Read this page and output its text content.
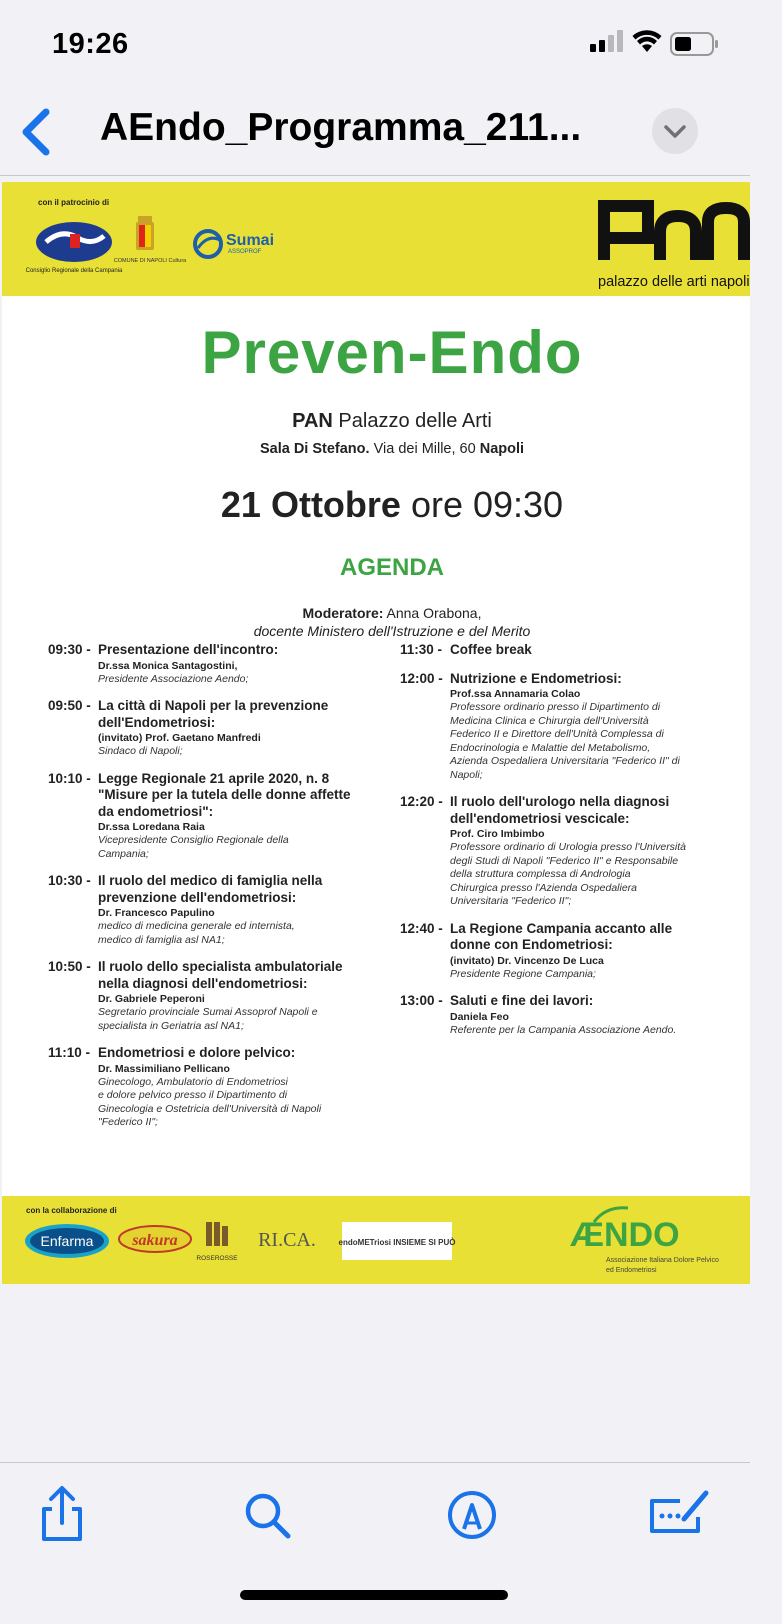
19:26
AEndo_Programma_211...
con il patrocinio di
Consiglio Regionale della Campania
COMUNE DI NAPOLI Cultura
Sumai
ASSOPROF
palazzo delle arti napoli
Preven-Endo
PAN Palazzo delle Arti
Sala Di Stefano. Via dei Mille, 60 Napoli
21 Ottobre ore 09:30
AGENDA
Moderatore: Anna Orabona,
docente Ministero dell'Istruzione e del Merito
09:30 - Presentazione dell'incontro:
Dr.ssa Monica Santagostini,
Presidente Associazione Aendo;
09:50 - La città di Napoli per la prevenzione
dell'Endometriosi:
(invitato) Prof. Gaetano Manfredi
Sindaco di Napoli;
10:10 - Legge Regionale 21 aprile 2020, n. 8
"Misure per la tutela delle donne affette
da endometriosi":
Dr.ssa Loredana Raia
Vicepresidente Consiglio Regionale della
Campania;
10:30 - Il ruolo del medico di famiglia nella
prevenzione dell'endometriosi:
Dr. Francesco Papulino
medico di medicina generale ed internista,
medico di famiglia asl NA1;
10:50 - Il ruolo dello specialista ambulatoriale
nella diagnosi dell'endometriosi:
Dr. Gabriele Peperoni
Segretario provinciale Sumai Assoprof Napoli e
specialista in Geriatria asl NA1;
11:10 - Endometriosi e dolore pelvico:
Dr. Massimiliano Pellicano
Ginecologo, Ambulatorio di Endometriosi
e dolore pelvico presso il Dipartimento di
Ginecologia e Ostetricia dell'Università di Napoli
"Federico II";
11:30 - Coffee break
12:00 - Nutrizione e Endometriosi:
Prof.ssa Annamaria Colao
Professore ordinario presso il Dipartimento di
Medicina Clinica e Chirurgia dell'Università
Federico II e Direttore dell'Unità Complessa di
Endocrinologia e Malattie del Metabolismo,
Azienda Ospedaliera Universitaria "Federico II" di
Napoli;
12:20 - Il ruolo dell'urologo nella diagnosi
dell'endometriosi vescicale:
Prof. Ciro Imbimbo
Professore ordinario di Urologia presso l'Università
degli Studi di Napoli "Federico II" e Responsabile
della struttura complessa di Andrologia
Chirurgica presso l'Azienda Ospedaliera
Universitaria "Federico II";
12:40 - La Regione Campania accanto alle
donne con Endometriosi:
(invitato) Dr. Vincenzo De Luca
Presidente Regione Campania;
13:00 - Saluti e fine dei lavori:
Daniela Feo
Referente per la Campania Associazione Aendo.
con la collaborazione di
Enfarma sakura
ROSEROSSE
RI.CA.	endoMETriosi INSIEME SI PUÒ	ÆNDO
Associazione Italiana Dolore Pelvico
ed Endometriosi
